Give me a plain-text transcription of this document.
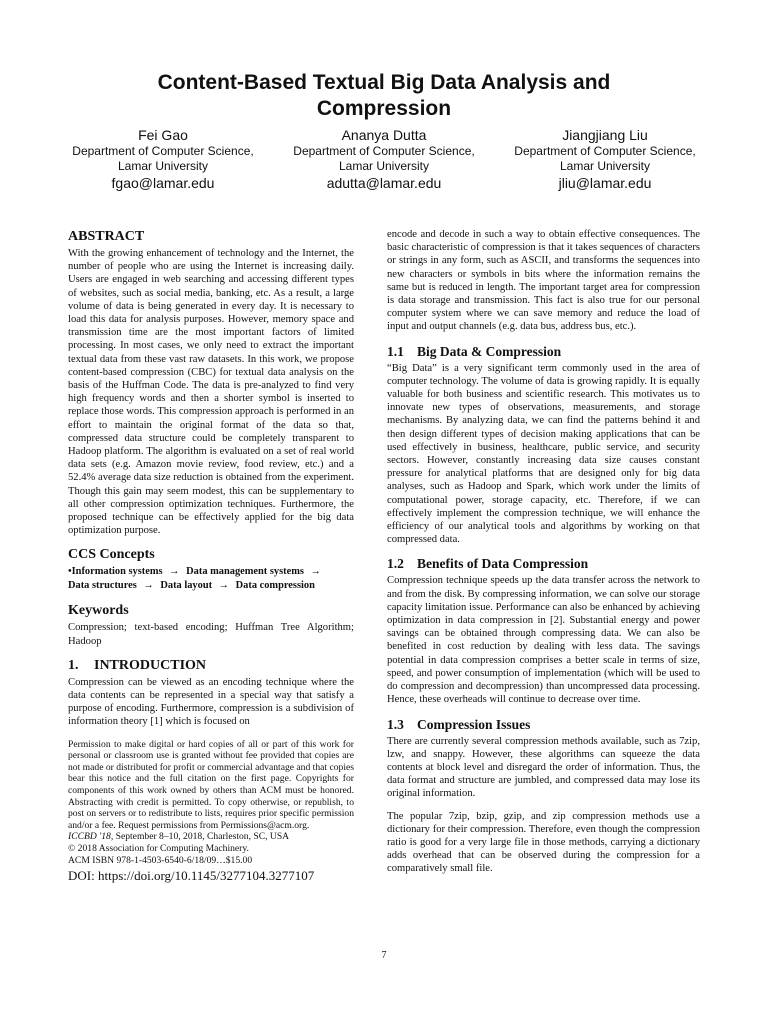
Content-Based Textual Big Data Analysis and Compression
Fei Gao
Department of Computer Science,
Lamar University
fgao@lamar.edu
Ananya Dutta
Department of Computer Science,
Lamar University
adutta@lamar.edu
Jiangjiang Liu
Department of Computer Science,
Lamar University
jliu@lamar.edu
ABSTRACT

With the growing enhancement of technology and the Internet, the number of people who are using the Internet is increasing daily. Users are engaged in web searching and accessing different types of websites, such as social media, banking, etc. As a result, a large volume of data is being generated in every day. It is necessary to load this data for analysis purposes. However, memory space and transmission time are the most important factors of limited processing. In most cases, we only need to extract the important textual data from these vast raw datasets. In this work, we propose content-based compression (CBC) for textual data analysis on the basis of the Huffman Code. The data is pre-analyzed to find very high frequency words and then a shorter symbol is inserted to replace those words. This compression approach is performed in an effort to maintain the original format of the data so that, compressed data structure could be completely transparent to Hadoop platform. The algorithm is evaluated on a set of real world data sets (e.g. Amazon movie review, food review, etc.) and a 52.4% average data size reduction is obtained from the experiment. Though this gain may seem modest, this can be supplementary to all other compression optimization techniques. Furthermore, the proposed technique can be effectively applied for the big data optimization purpose.

CCS Concepts
•Information systems → Data management systems →
Data structures → Data layout → Data compression
Keywords

Compression; text-based encoding; Huffman Tree Algorithm; Hadoop

1. INTRODUCTION

Compression can be viewed as an encoding technique where the data contents can be represented in a special way that satisfy a purpose of encoding. Furthermore, compression is a subdivision of information theory [1] which is focused on

Permission to make digital or hard copies of all or part of this work for personal or classroom use is granted without fee provided that copies are not made or distributed for profit or commercial advantage and that copies bear this notice and the full citation on the first page. Copyrights for components of this work owned by others than ACM must be honored. Abstracting with credit is permitted. To copy otherwise, or republish, to post on servers or to redistribute to lists, requires prior specific permission and/or a fee. Request permissions from Permissions@acm.org.

ICCBD '18, September 8–10, 2018, Charleston, SC, USA
© 2018 Association for Computing Machinery.
ACM ISBN 978-1-4503-6540-6/18/09…$15.00
DOI: https://doi.org/10.1145/3277104.3277107

encode and decode in such a way to obtain effective consequences. The basic characteristic of compression is that it takes sequences of characters or strings in any form, such as ASCII, and transforms the sequences into new characters or symbols in bits where the information remains the same but is reduced in length. The important target area for compression is data storage and transmission. This fact is also true for our personal computer system where we can save memory and reduce the load of input and output channels (e.g. data bus, address bus, etc.).

1.1 Big Data & Compression

“Big Data” is a very significant term commonly used in the area of computer technology. The volume of data is growing rapidly. It is equally valuable for both business and scientific research. This motivates us to innovate new types of observations, measurements, and storage mechanisms. By analyzing data, we can find the patterns behind it and then design different types of decision making applications that can be used effectively in business, healthcare, public service, and security sectors. However, constantly increasing data size causes constant pressure for analytical platforms that are designed only for big data analyses, such as Hadoop and Spark, which work under the limits of computational power, storage capacity, etc. Therefore, if we can effectively implement the compression technique, we will enhance the efficiency of our analytical tools and algorithms by working on that compressed data.

1.2 Benefits of Data Compression

Compression technique speeds up the data transfer across the network to and from the disk. By compressing information, we can solve our storage capacity limitation issue. Performance can also be enhanced by achieving optimization in data compression in [2]. Substantial energy and power savings can be obtained through compressing data. We can also be benefited in cost reduction by dealing with less data. The savings potential in data compression comprises a better scale in terms of size, speed, and power consumption of implementation (which will be used to do compression and decompression) than uncompressed data processing. Hence, these overheads will continue to decrease over time.

1.3 Compression Issues

There are currently several compression methods available, such as 7zip, lzw, and snappy. However, these algorithms can squeeze the data contents at block level and disregard the order of information. Thus, the data format and structure are jumbled, and compressed data may lose its original information.

The popular 7zip, bzip, gzip, and zip compression methods use a dictionary for their compression. Therefore, even though the compression ratio is good for a very large file in those methods, carrying a dictionary adds overhead that can be observed during the compression for a comparatively small file.

7
